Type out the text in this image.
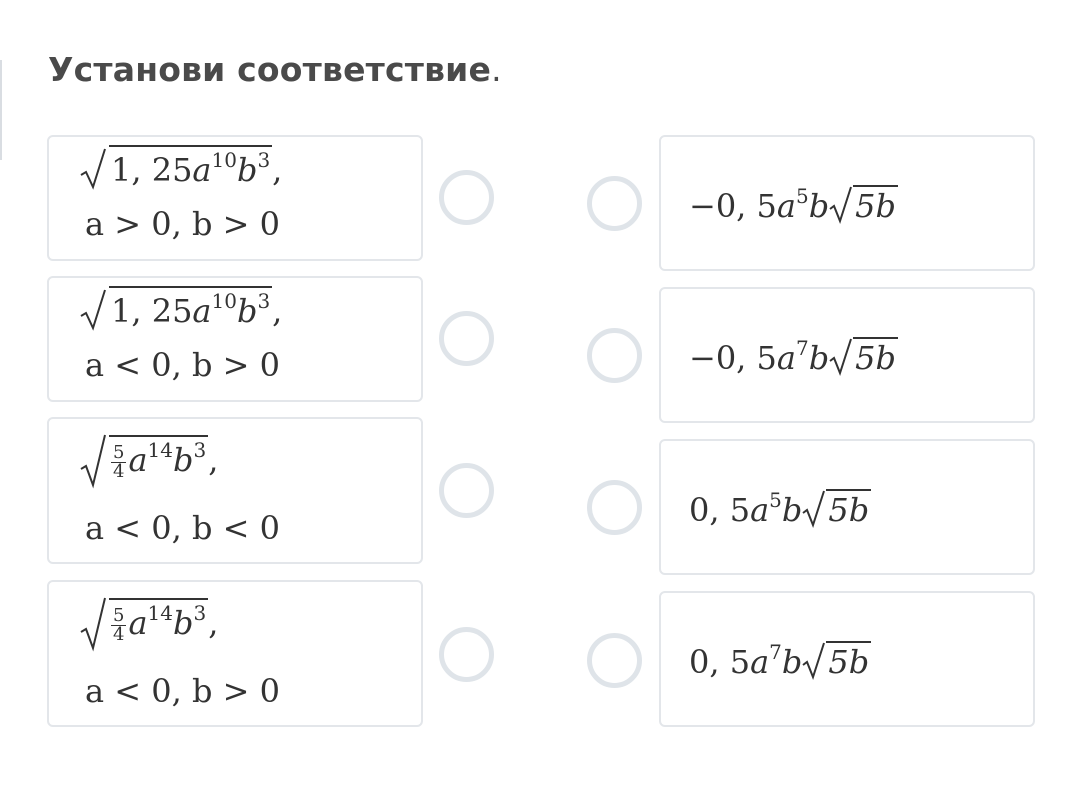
Установи соответствие.
1, $25a^{10}b^3$,
a > 0, b > 0
1, $25a^{10}b^3$,
a < 0, b > 0
$\frac{5}{4} a^{14}b^3$,
a < 0, b < 0
$\frac{5}{4} a^{14}b^3$,
a < 0, b > 0
−0, $5a^5b$ 5b
−0, $5a^7b$ 5b
0, $5a^5b$ 5b
0, $5a^7b$ 5b
